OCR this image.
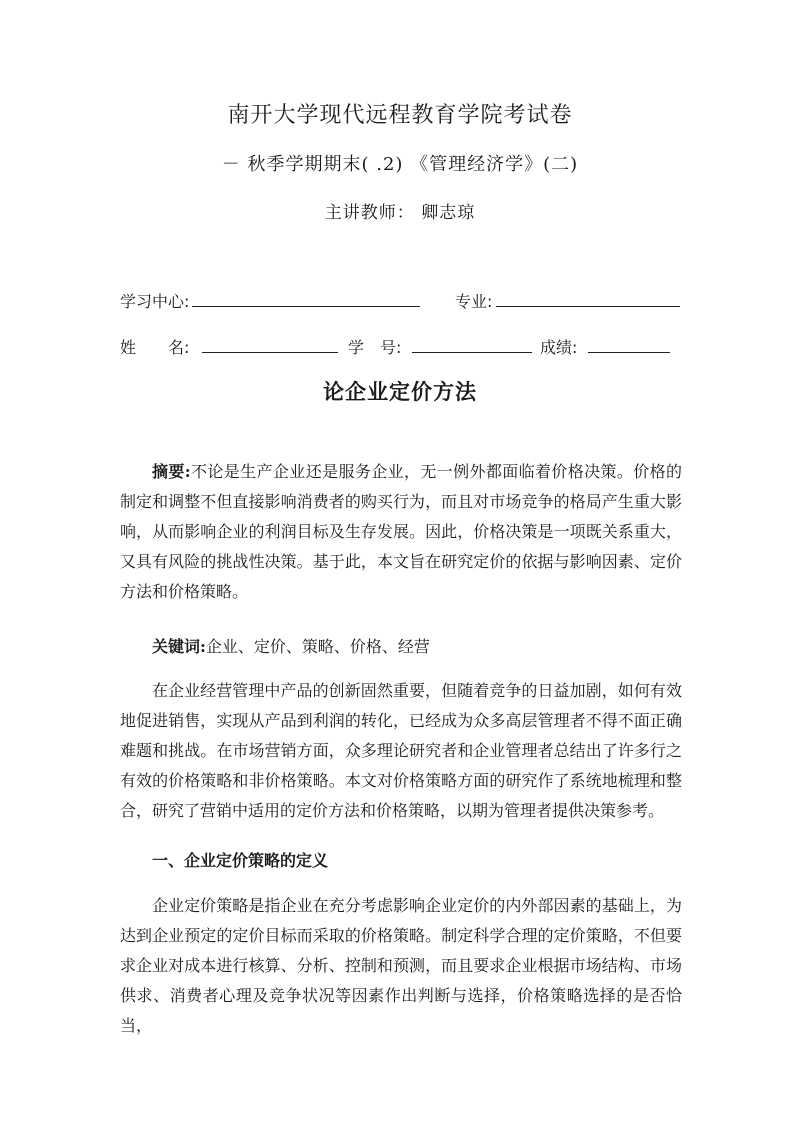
南开大学现代远程教育学院考试卷
－ 秋季学期期末( .2) 《管理经济学》(二)
主讲教师： 卿志琼
学习中心:	专业:
姓　　名:	学　号:	成绩:
论企业定价方法

摘要:不论是生产企业还是服务企业，无一例外都面临着价格决策。价格的制定和调整不但直接影响消费者的购买行为，而且对市场竞争的格局产生重大影响，从而影响企业的利润目标及生存发展。因此，价格决策是一项既关系重大，又具有风险的挑战性决策。基于此，本文旨在研究定价的依据与影响因素、定价方法和价格策略。

关键词:企业、定价、策略、价格、经营

在企业经营管理中产品的创新固然重要，但随着竞争的日益加剧，如何有效地促进销售，实现从产品到利润的转化，已经成为众多高层管理者不得不面正确难题和挑战。在市场营销方面，众多理论研究者和企业管理者总结出了许多行之有效的价格策略和非价格策略。本文对价格策略方面的研究作了系统地梳理和整合，研究了营销中适用的定价方法和价格策略，以期为管理者提供决策参考。

一、企业定价策略的定义

企业定价策略是指企业在充分考虑影响企业定价的内外部因素的基础上，为达到企业预定的定价目标而采取的价格策略。制定科学合理的定价策略，不但要求企业对成本进行核算、分析、控制和预测，而且要求企业根据市场结构、市场供求、消费者心理及竞争状况等因素作出判断与选择，价格策略选择的是否恰当，
